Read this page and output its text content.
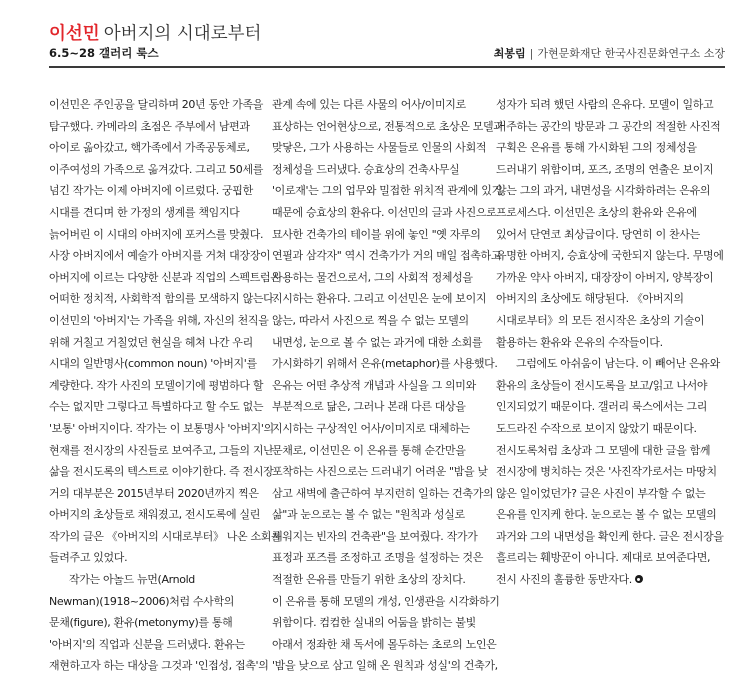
이선민 아버지의 시대로부터
6.5~28 갤러리 룩스	최봉림 | 가현문화재단 한국사진문화연구소 소장
이선민은 주인공을 달리하며 20년 동안 가족을
탐구했다. 카메라의 초점은 주부에서 남편과
아이로 옮아갔고, 핵가족에서 가족공동체로,
이주여성의 가족으로 옮겨갔다. 그리고 50세를
넘긴 작가는 이제 아버지에 이르렀다. 궁핍한
시대를 견디며 한 가정의 생계를 책임지다
늙어버린 이 시대의 아버지에 포커스를 맞췄다.
사장 아버지에서 예술가 아버지를 거쳐 대장장이
아버지에 이르는 다양한 신분과 직업의 스펙트럼은
어떠한 정치적, 사회학적 함의를 모색하지 않는다.
이선민의 '아버지'는 가족을 위해, 자신의 천직을
위해 거칠고 거칠었던 현실을 헤쳐 나간 우리
시대의 일반명사(common noun) '아버지'를
계량한다. 작가 사진의 모델이기에 평범하다 할
수는 없지만 그렇다고 특별하다고 할 수도 없는
'보통' 아버지이다. 작가는 이 보통명사 '아버지'의
현재를 전시장의 사진들로 보여주고, 그들의 지난
삶을 전시도록의 텍스트로 이야기한다. 즉 전시장
거의 대부분은 2015년부터 2020년까지 찍은
아버지의 초상들로 채워졌고, 전시도록에 실린
작가의 글은 《아버지의 시대로부터》 나온 소회를
들려주고 있었다.
작가는 아놀드 뉴먼(Arnold
Newman)(1918~2006)처럼 수사학의
문채(figure), 환유(metonymy)를 통해
'아버지'의 직업과 신분을 드러냈다. 환유는
재현하고자 하는 대상을 그것과 '인접성, 접촉'의
관계 속에 있는 다른 사물의 어사/이미지로
표상하는 언어현상으로, 전통적으로 초상은 모델과
맞닿은, 그가 사용하는 사물들로 인물의 사회적
정체성을 드러냈다. 승효상의 건축사무실
'이로재'는 그의 업무와 밀접한 위치적 관계에 있기
때문에 승효상의 환유다. 이선민의 글과 사진으로
묘사한 건축가의 테이블 위에 놓인 "옛 자루의
연필과 삼각자" 역시 건축가가 거의 매일 접촉하고
사용하는 물건으로서, 그의 사회적 정체성을
지시하는 환유다. 그리고 이선민은 눈에 보이지
않는, 따라서 사진으로 찍을 수 없는 모델의
내면성, 눈으로 볼 수 없는 과거에 대한 소회를
가시화하기 위해서 은유(metaphor)를 사용했다.
은유는 어떤 추상적 개념과 사실을 그 의미와
부분적으로 닮은, 그러나 본래 다른 대상을
지시하는 구상적인 어사/이미지로 대체하는
문채로, 이선민은 이 은유를 통해 순간만을
포착하는 사진으로는 드러내기 어려운 "밤을 낮
삼고 새벽에 출근하여 부지런히 일하는 건축가의
삶"과 눈으로는 볼 수 없는 "원칙과 성실로
세워지는 빈자의 건축관"을 보여줬다. 작가가
표정과 포즈를 조정하고 조명을 설정하는 것은
적절한 은유를 만들기 위한 초상의 장치다.
이 은유를 통해 모델의 개성, 인생관을 시각화하기
위함이다. 컴컴한 실내의 어둠을 밝히는 불빛
아래서 정좌한 채 독서에 몰두하는 초로의 노인은
'밤을 낮으로 삼고 일해 온 원칙과 성실'의 건축가,
성자가 되려 했던 사람의 은유다. 모델이 일하고
거주하는 공간의 방문과 그 공간의 적절한 사진적
구획은 은유를 통해 가시화된 그의 정체성을
드러내기 위함이며, 포즈, 조명의 연출은 보이지
않는 그의 과거, 내면성을 시각화하려는 은유의
프로세스다. 이선민은 초상의 환유와 은유에
있어서 단연코 최상급이다. 당연히 이 찬사는
유명한 아버지, 승효상에 국한되지 않는다. 무명에
가까운 약사 아버지, 대장장이 아버지, 양복장이
아버지의 초상에도 해당된다. 《아버지의
시대로부터》의 모든 전시작은 초상의 기술이
활용하는 환유와 은유의 수작들이다.
그럼에도 아쉬움이 남는다. 이 빼어난 은유와
환유의 초상들이 전시도록을 보고/읽고 나서야
인지되었기 때문이다. 갤러리 룩스에서는 그리
도드라진 수작으로 보이지 않았기 때문이다.
전시도록처럼 초상과 그 모델에 대한 글을 함께
전시장에 병치하는 것은 '사진작가로서는 마땅치
않은 일이었던가? 글은 사진이 부각할 수 없는
은유를 인지케 한다. 눈으로는 볼 수 없는 모델의
과거와 그의 내면성을 확인케 한다. 글은 전시장을
흘르리는 훼방꾼이 아니다. 제대로 보여준다면,
전시 사진의 훌륭한 동반자다.
